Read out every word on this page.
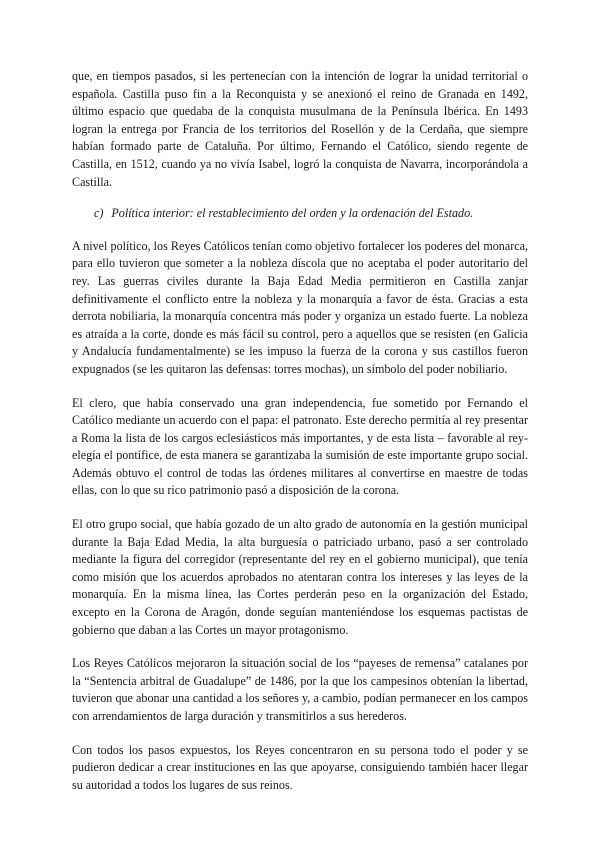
que, en tiempos pasados, si les pertenecían con la intención de lograr la unidad territorial o española. Castilla puso fin a la Reconquista y se anexionó el reino de Granada en 1492, último espacio que quedaba de la conquista musulmana de la Península Ibérica. En 1493 logran la entrega por Francia de los territorios del Rosellón y de la Cerdaña, que siempre habían formado parte de Cataluña. Por último, Fernando el Católico, siendo regente de Castilla, en 1512, cuando ya no vivía Isabel, logró la conquista de Navarra, incorporándola a Castilla.

c) Política interior: el restablecimiento del orden y la ordenación del Estado.

A nivel político, los Reyes Católicos tenían como objetivo fortalecer los poderes del monarca, para ello tuvieron que someter a la nobleza díscola que no aceptaba el poder autoritario del rey. Las guerras civiles durante la Baja Edad Media permitieron en Castilla zanjar definitivamente el conflicto entre la nobleza y la monarquía a favor de ésta. Gracias a esta derrota nobiliaria, la monarquía concentra más poder y organiza un estado fuerte. La nobleza es atraída a la corte, donde es más fácil su control, pero a aquellos que se resisten (en Galicia y Andalucía fundamentalmente) se les impuso la fuerza de la corona y sus castillos fueron expugnados (se les quitaron las defensas: torres mochas), un símbolo del poder nobiliario.

El clero, que había conservado una gran independencia, fue sometido por Fernando el Católico mediante un acuerdo con el papa: el patronato. Este derecho permitía al rey presentar a Roma la lista de los cargos eclesiásticos más importantes, y de esta lista – favorable al rey- elegía el pontífice, de esta manera se garantizaba la sumisión de este importante grupo social. Además obtuvo el control de todas las órdenes militares al convertirse en maestre de todas ellas, con lo que su rico patrimonio pasó a disposición de la corona.

El otro grupo social, que había gozado de un alto grado de autonomía en la gestión municipal durante la Baja Edad Media, la alta burguesía o patriciado urbano, pasó a ser controlado mediante la figura del corregidor (representante del rey en el gobierno municipal), que tenía como misión que los acuerdos aprobados no atentaran contra los intereses y las leyes de la monarquía. En la misma línea, las Cortes perderán peso en la organización del Estado, excepto en la Corona de Aragón, donde seguían manteniéndose los esquemas pactistas de gobierno que daban a las Cortes un mayor protagonismo.

Los Reyes Católicos mejoraron la situación social de los “payeses de remensa” catalanes por la “Sentencia arbitral de Guadalupe” de 1486, por la que los campesinos obtenían la libertad, tuvieron que abonar una cantidad a los señores y, a cambio, podían permanecer en los campos con arrendamientos de larga duración y transmitirlos a sus herederos.

Con todos los pasos expuestos, los Reyes concentraron en su persona todo el poder y se pudieron dedicar a crear instituciones en las que apoyarse, consiguiendo también hacer llegar su autoridad a todos los lugares de sus reinos.
